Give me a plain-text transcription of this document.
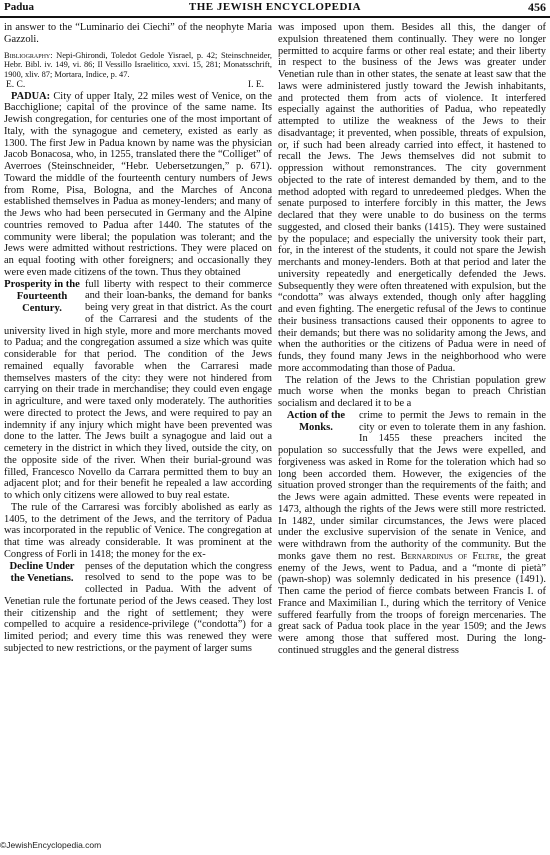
Padua	THE JEWISH ENCYCLOPEDIA	456

in answer to the “Luminario dei Ciechi” of the neophyte Maria Gazzoli.

Bibliography: Nepi-Ghirondi, Toledot Gedole Yisrael, p. 42; Steinschneider, Hebr. Bibl. iv. 149, vi. 86; Il Vessillo Israelitico, xxvi. 15, 281; Monatsschrift, 1900, xliv. 87; Mortara, Indice, p. 47.
E. C.	I. E.

PADUA: City of upper Italy, 22 miles west of Venice, on the Bacchiglione; capital of the province of the same name. Its Jewish congregation, for centuries one of the most important of Italy, with the synagogue and cemetery, existed as early as 1300. The first Jew in Padua known by name was the physician Jacob Bonacosa, who, in 1255, translated there the “Colliget” of Averroes (Steinschneider, “Hebr. Uebersetzungen,” p. 671). Toward the middle of the fourteenth century numbers of Jews from Rome, Pisa, Bologna, and the Marches of Ancona established themselves in Padua as money-lenders; and many of the Jews who had been persecuted in Germany and the Alpine countries removed to Padua after 1440. The statutes of the community were liberal; the population was tolerant; and the Jews were admitted without restrictions. They were placed on an equal footing with other foreigners; and occasionally they were even made citizens of the town. Thus they obtained

Prosperity in the Fourteenth Century.
full liberty with respect to their commerce and their loan-banks, the demand for banks being very great in that district. As the court of the Carraresi and the students of the university lived in high style, more and more merchants moved to Padua; and the congregation assumed a size which was quite considerable for that period. The condition of the Jews remained equally favorable when the Carraresi made themselves masters of the city: they were not hindered from carrying on their trade in merchandise; they could even engage in agriculture, and were taxed only moderately. The authorities were directed to protect the Jews, and were required to pay an indemnity if any injury which might have been prevented was done to the latter. The Jews built a synagogue and laid out a cemetery in the district in which they lived, outside the city, on the opposite side of the river. When their burial-ground was filled, Francesco Novello da Carrara permitted them to buy an adjacent plot; and for their benefit he repealed a law according to which only citizens were allowed to buy real estate.

The rule of the Carraresi was forcibly abolished as early as 1405, to the detriment of the Jews, and the territory of Padua was incorporated in the republic of Venice. The congregation at that time was already considerable. It was prominent at the Congress of Forli in 1418; the money for the ex-

Decline Under the Venetians.
penses of the deputation which the congress resolved to send to the pope was to be collected in Padua. With the advent of Venetian rule the fortunate period of the Jews ceased. They lost their citizenship and the right of settlement; they were compelled to acquire a residence-privilege (“condotta”) for a limited period; and every time this was renewed they were subjected to new restrictions, or the payment of larger sums

was imposed upon them. Besides all this, the danger of expulsion threatened them continually. They were no longer permitted to acquire farms or other real estate; and their liberty in respect to the business of the Jews was greater under Venetian rule than in other states, the senate at least saw that the laws were administered justly toward the Jewish inhabitants, and protected them from acts of violence. It interfered especially against the authorities of Padua, who repeatedly attempted to utilize the weakness of the Jews to their disadvantage; it prevented, when possible, threats of expulsion, or, if such had been already carried into effect, it hastened to recall the Jews. The Jews themselves did not submit to oppression without remonstrances. The city government objected to the rate of interest demanded by them, and to the method adopted with regard to unredeemed pledges. When the senate purposed to interfere forcibly in this matter, the Jews declared that they were unable to do business on the terms suggested, and closed their banks (1415). They were sustained by the populace; and especially the university took their part, for, in the interest of the students, it could not spare the Jewish merchants and money-lenders. Both at that period and later the university repeatedly and energetically defended the Jews. Subsequently they were often threatened with expulsion, but the “condotta” was always extended, though only after haggling and even fighting. The energetic refusal of the Jews to continue their business transactions caused their opponents to agree to their demands; but there was no solidarity among the Jews, and when the authorities or the citizens of Padua were in need of funds, they found many Jews in the neighborhood who were more accommodating than those of Padua.

The relation of the Jews to the Christian population grew much worse when the monks began to preach Christian socialism and declared it to be a

Action of the Monks.
crime to permit the Jews to remain in the city or even to tolerate them in any fashion. In 1455 these preachers incited the population so successfully that the Jews were expelled, and forgiveness was asked in Rome for the toleration which had so long been accorded them. However, the exigencies of the situation proved stronger than the requirements of the faith; and the Jews were again admitted. These events were repeated in 1473, although the rights of the Jews were still more restricted. In 1482, under similar circumstances, the Jews were placed under the exclusive supervision of the senate in Venice, and were withdrawn from the authority of the community. But the monks gave them no rest. Bernardinus of Feltre, the great enemy of the Jews, went to Padua, and a “monte di pietà” (pawn-shop) was solemnly dedicated in his presence (1491). Then came the period of fierce combats between Francis I. of France and Maximilian I., during which the territory of Venice suffered fearfully from the troops of foreign mercenaries. The great sack of Padua took place in the year 1509; and the Jews were among those that suffered most. During the long-continued struggles and the general distress

©JewishEncyclopedia.com
